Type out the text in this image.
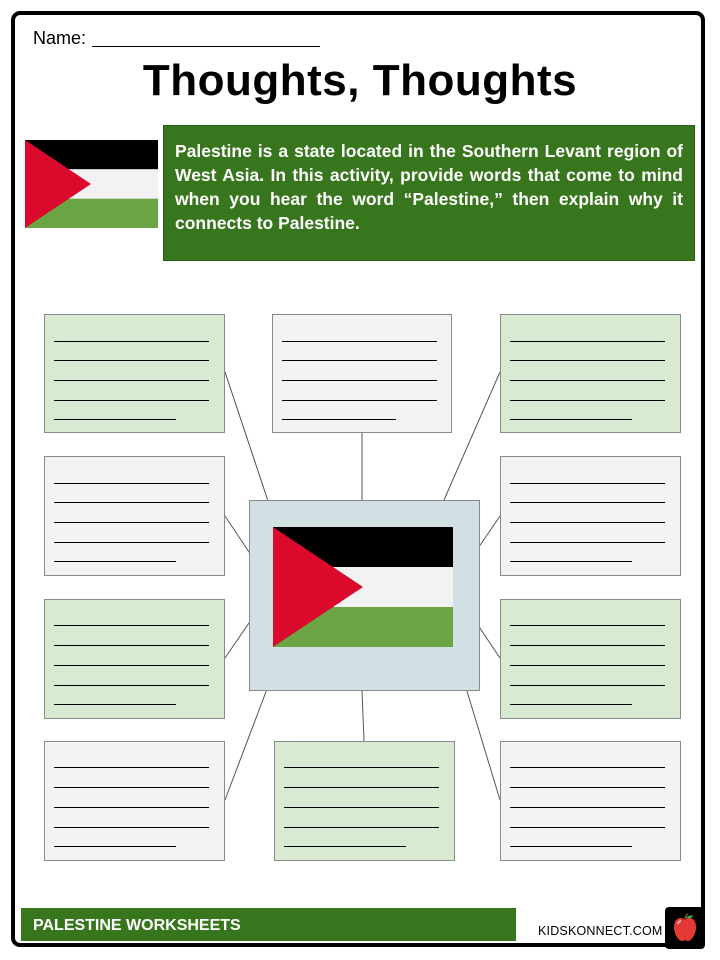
Name:
Thoughts, Thoughts
Palestine is a state located in the Southern Levant region of West Asia. In this activity, provide words that come to mind when you hear the word “Palestine,” then explain why it connects to Palestine.
PALESTINE WORKSHEETS	KIDSKONNECT.COM
